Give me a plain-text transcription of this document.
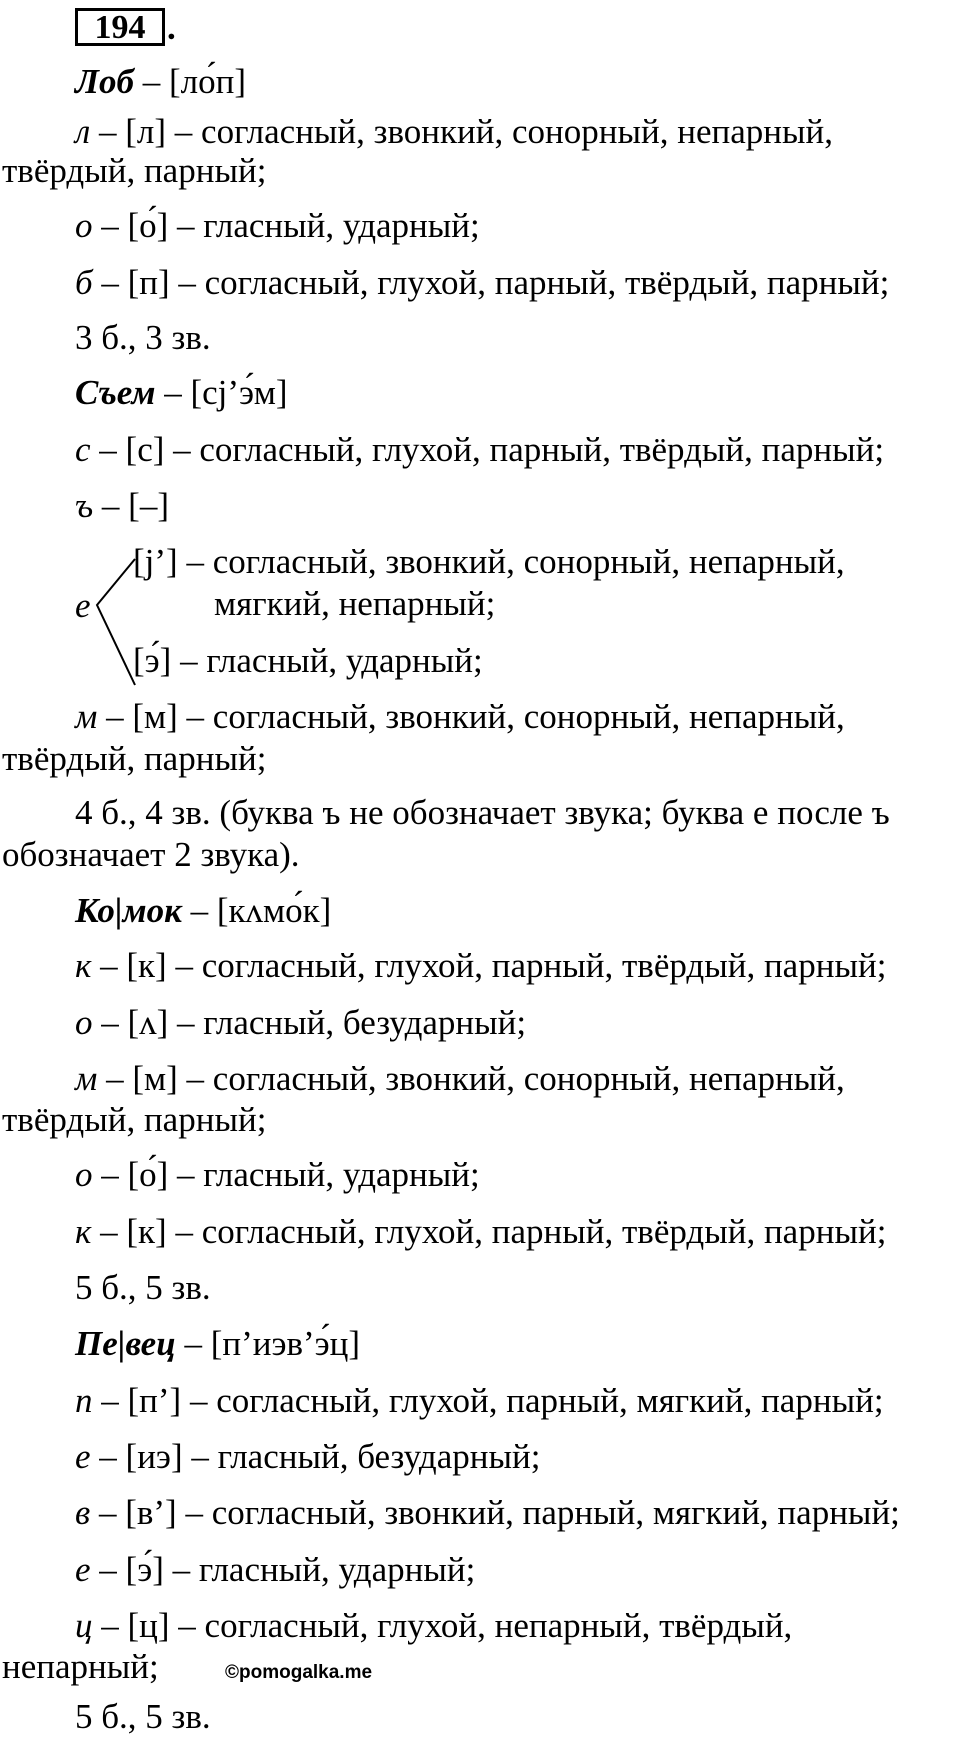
194 .

Лоб – [ло́п]

л – [л] – согласный, звонкий, сонорный, непарный,

твёрдый, парный;

о – [о́] – гласный, ударный;

б – [п] – согласный, глухой, парный, твёрдый, парный;

3 б., 3 зв.

Съем – [сj’э́м]

с – [с] – согласный, глухой, парный, твёрдый, парный;

ъ – [–]

е

[j’] – согласный, звонкий, сонорный, непарный,

мягкий, непарный;

[э́] – гласный, ударный;

м – [м] – согласный, звонкий, сонорный, непарный,

твёрдый, парный;

4 б., 4 зв. (буква ъ не обозначает звука; буква е после ъ

обозначает 2 звука).

Ко|мок – [кʌмо́к]

к – [к] – согласный, глухой, парный, твёрдый, парный;

о – [ʌ] – гласный, безударный;

м – [м] – согласный, звонкий, сонорный, непарный,

твёрдый, парный;

о – [о́] – гласный, ударный;

к – [к] – согласный, глухой, парный, твёрдый, парный;

5 б., 5 зв.

Пе|вец – [п’иэв’э́ц]

п – [п’] – согласный, глухой, парный, мягкий, парный;

е – [иэ] – гласный, безударный;

в – [в’] – согласный, звонкий, парный, мягкий, парный;

е – [э́] – гласный, ударный;

ц – [ц] – согласный, глухой, непарный, твёрдый,

непарный;

5 б., 5 зв.

©pomogalka.me
